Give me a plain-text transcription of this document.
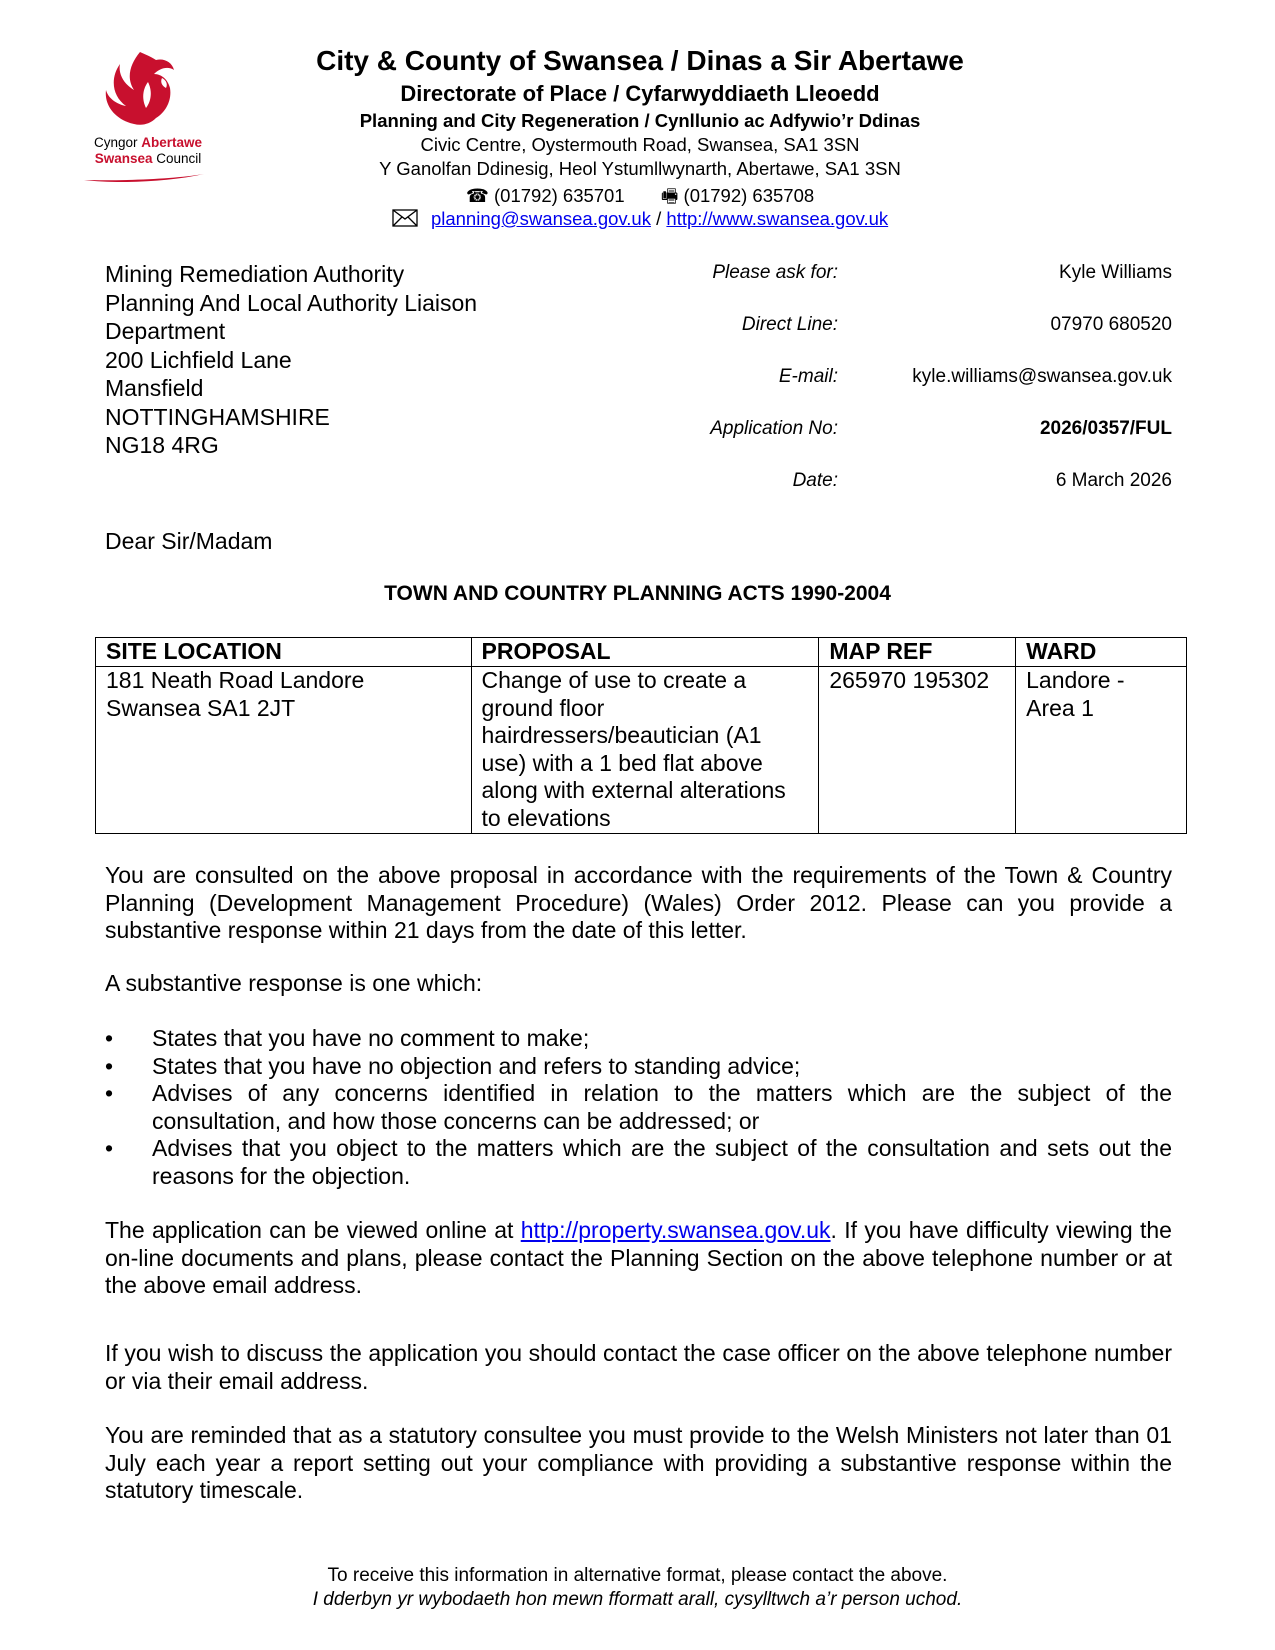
Cyngor Abertawe
Swansea Council
City & County of Swansea / Dinas a Sir Abertawe
Directorate of Place / Cyfarwyddiaeth Lleoedd
Planning and City Regeneration / Cynllunio ac Adfywio’r Ddinas
Civic Centre, Oystermouth Road, Swansea, SA1 3SN
Y Ganolfan Ddinesig, Heol Ystumllwynarth, Abertawe, SA1 3SN
☎ (01792) 635701 🖷 (01792) 635708
planning@swansea.gov.uk / http://www.swansea.gov.uk
Mining Remediation Authority
Planning And Local Authority Liaison
Department
200 Lichfield Lane
Mansfield
NOTTINGHAMSHIRE
NG18 4RG
Please ask for:	Kyle Williams
Direct Line:	07970 680520
E-mail:	kyle.williams@swansea.gov.uk
Application No:	2026/0357/FUL
Date:	6 March 2026
Dear Sir/Madam
TOWN AND COUNTRY PLANNING ACTS 1990-2004
SITE LOCATION	PROPOSAL	MAP REF	WARD
181 Neath Road Landore Swansea SA1 2JT	Change of use to create a ground floor hairdressers/beautician (A1 use) with a 1 bed flat above along with external alterations to elevations	265970 195302	Landore - Area 1
You are consulted on the above proposal in accordance with the requirements of the Town & Country Planning (Development Management Procedure) (Wales) Order 2012. Please can you provide a substantive response within 21 days from the date of this letter.
A substantive response is one which:
• States that you have no comment to make;
• States that you have no objection and refers to standing advice;
• Advises of any concerns identified in relation to the matters which are the subject of the consultation, and how those concerns can be addressed; or
• Advises that you object to the matters which are the subject of the consultation and sets out the reasons for the objection.
The application can be viewed online at http://property.swansea.gov.uk. If you have difficulty viewing the on-line documents and plans, please contact the Planning Section on the above telephone number or at the above email address.
If you wish to discuss the application you should contact the case officer on the above telephone number or via their email address.
You are reminded that as a statutory consultee you must provide to the Welsh Ministers not later than 01 July each year a report setting out your compliance with providing a substantive response within the statutory timescale.
To receive this information in alternative format, please contact the above.
I dderbyn yr wybodaeth hon mewn fformatt arall, cysylltwch a’r person uchod.
